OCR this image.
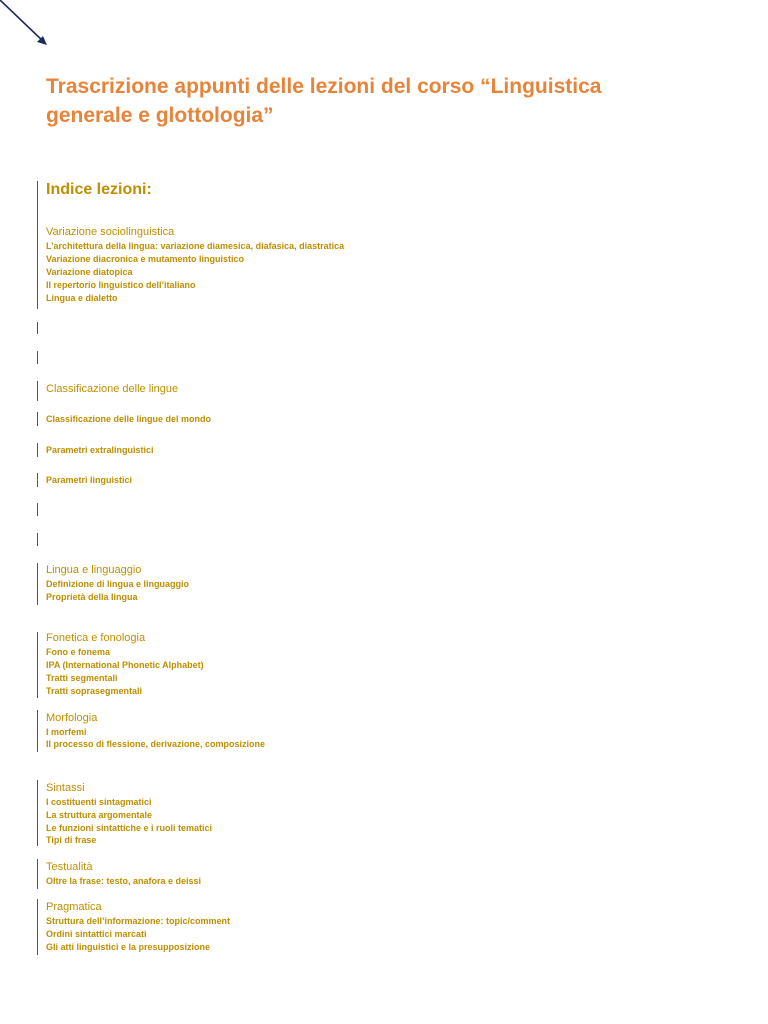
Trascrizione appunti delle lezioni del corso “Linguistica generale e glottologia”
Indice lezioni:
Variazione sociolinguistica
L’architettura della lingua: variazione diamesica, diafasica, diastratica
Variazione diacronica e mutamento linguistico
Variazione diatopica
Il repertorio linguistico dell’italiano
Lingua e dialetto
Classificazione delle lingue
Classificazione delle lingue del mondo
Parametri extralinguistici
Parametri linguistici
Lingua e linguaggio
Definizione di lingua e linguaggio
Proprietà della lingua
Fonetica e fonologia
Fono e fonema
IPA (International Phonetic Alphabet)
Tratti segmentali
Tratti soprasegmentali
Morfologia
I morfemi
Il processo di flessione, derivazione, composizione
Sintassi
I costituenti sintagmatici
La struttura argomentale
Le funzioni sintattiche e i ruoli tematici
Tipi di frase
Testualità
Oltre la frase: testo, anafora e deissi
Pragmatica
Struttura dell’informazione: topic/comment
Ordini sintattici marcati
Gli atti linguistici e la presupposizione
